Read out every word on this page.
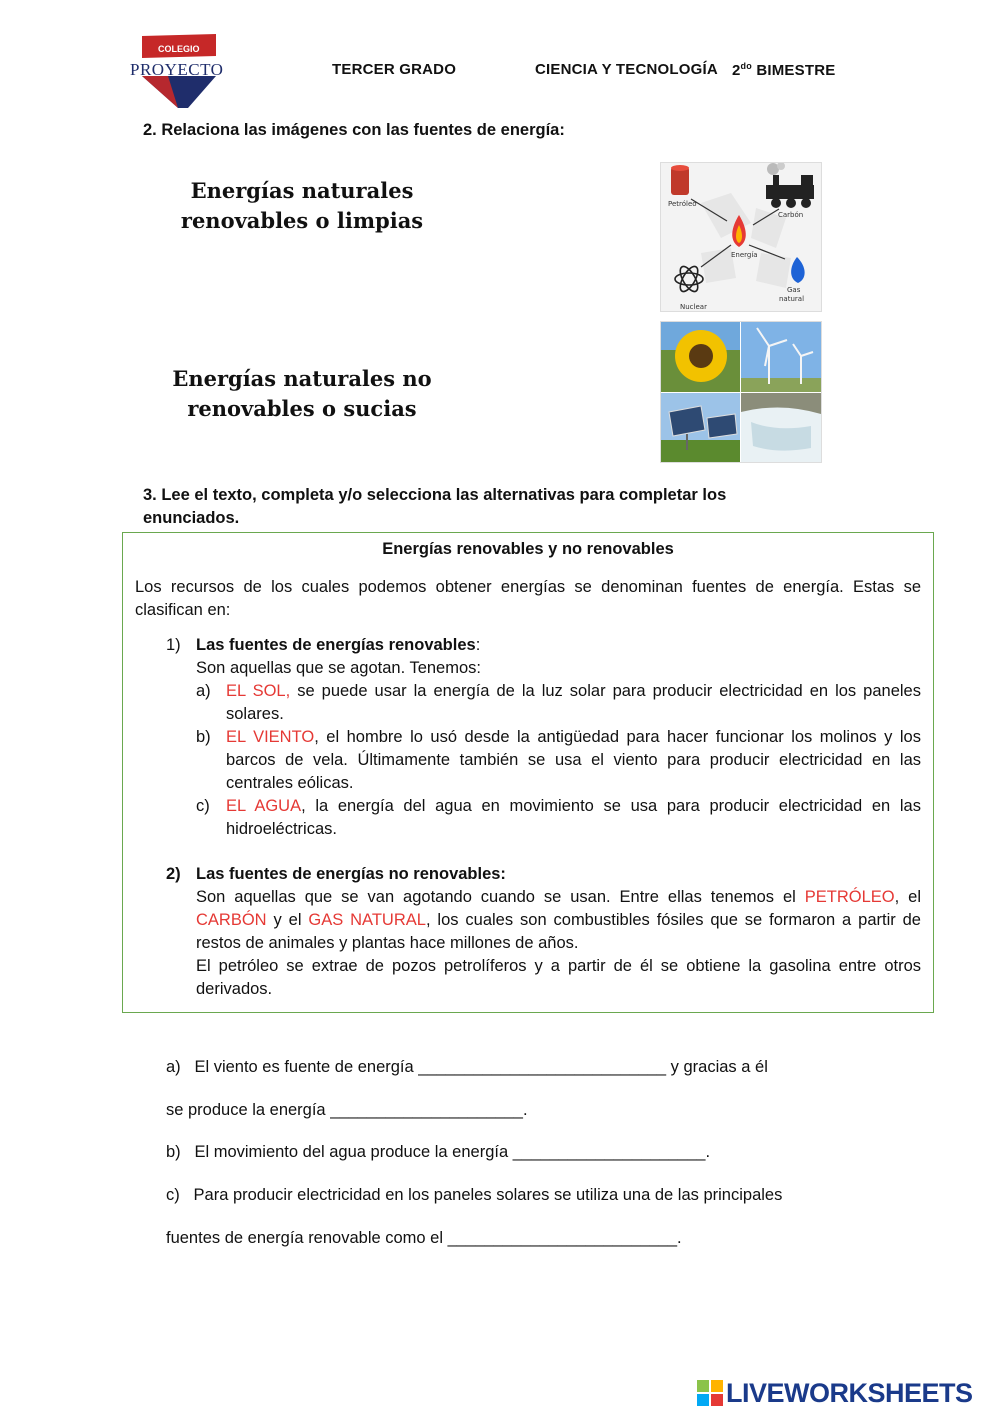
COLEGIO
PROYECTO	TERCER GRADO	CIENCIA Y TECNOLOGÍA $2^{do}$ BIMESTRE
2. Relaciona las imágenes con las fuentes de energía:
Energías naturales
renovables o limpias
Energías naturales no
renovables o sucias
Petróleo
Carbón
Energía
Nuclear
Gas
natural
3. Lee el texto, completa y/o selecciona las alternativas para completar los
enunciados.
Energías renovables y no renovables
Los recursos de los cuales podemos obtener energías se denominan fuentes de energía. Estas se clasifican en:
1) Las fuentes de energías renovables:
Son aquellas que se agotan. Tenemos:
a) EL SOL, se puede usar la energía de la luz solar para producir electricidad en los paneles solares.
b) EL VIENTO, el hombre lo usó desde la antigüedad para hacer funcionar los molinos y los barcos de vela. Últimamente también se usa el viento para producir electricidad en las centrales eólicas.
c) EL AGUA, la energía del agua en movimiento se usa para producir electricidad en las hidroeléctricas.
2) Las fuentes de energías no renovables:
Son aquellas que se van agotando cuando se usan. Entre ellas tenemos el PETRÓLEO, el CARBÓN y el GAS NATURAL, los cuales son combustibles fósiles que se formaron a partir de restos de animales y plantas hace millones de años.
El petróleo se extrae de pozos petrolíferos y a partir de él se obtiene la gasolina entre otros derivados.
a) El viento es fuente de energía ___________________________ y gracias a él
se produce la energía _____________________.
b) El movimiento del agua produce la energía _____________________.
c) Para producir electricidad en los paneles solares se utiliza una de las principales
fuentes de energía renovable como el _________________________.
LIVEWORKSHEETS
